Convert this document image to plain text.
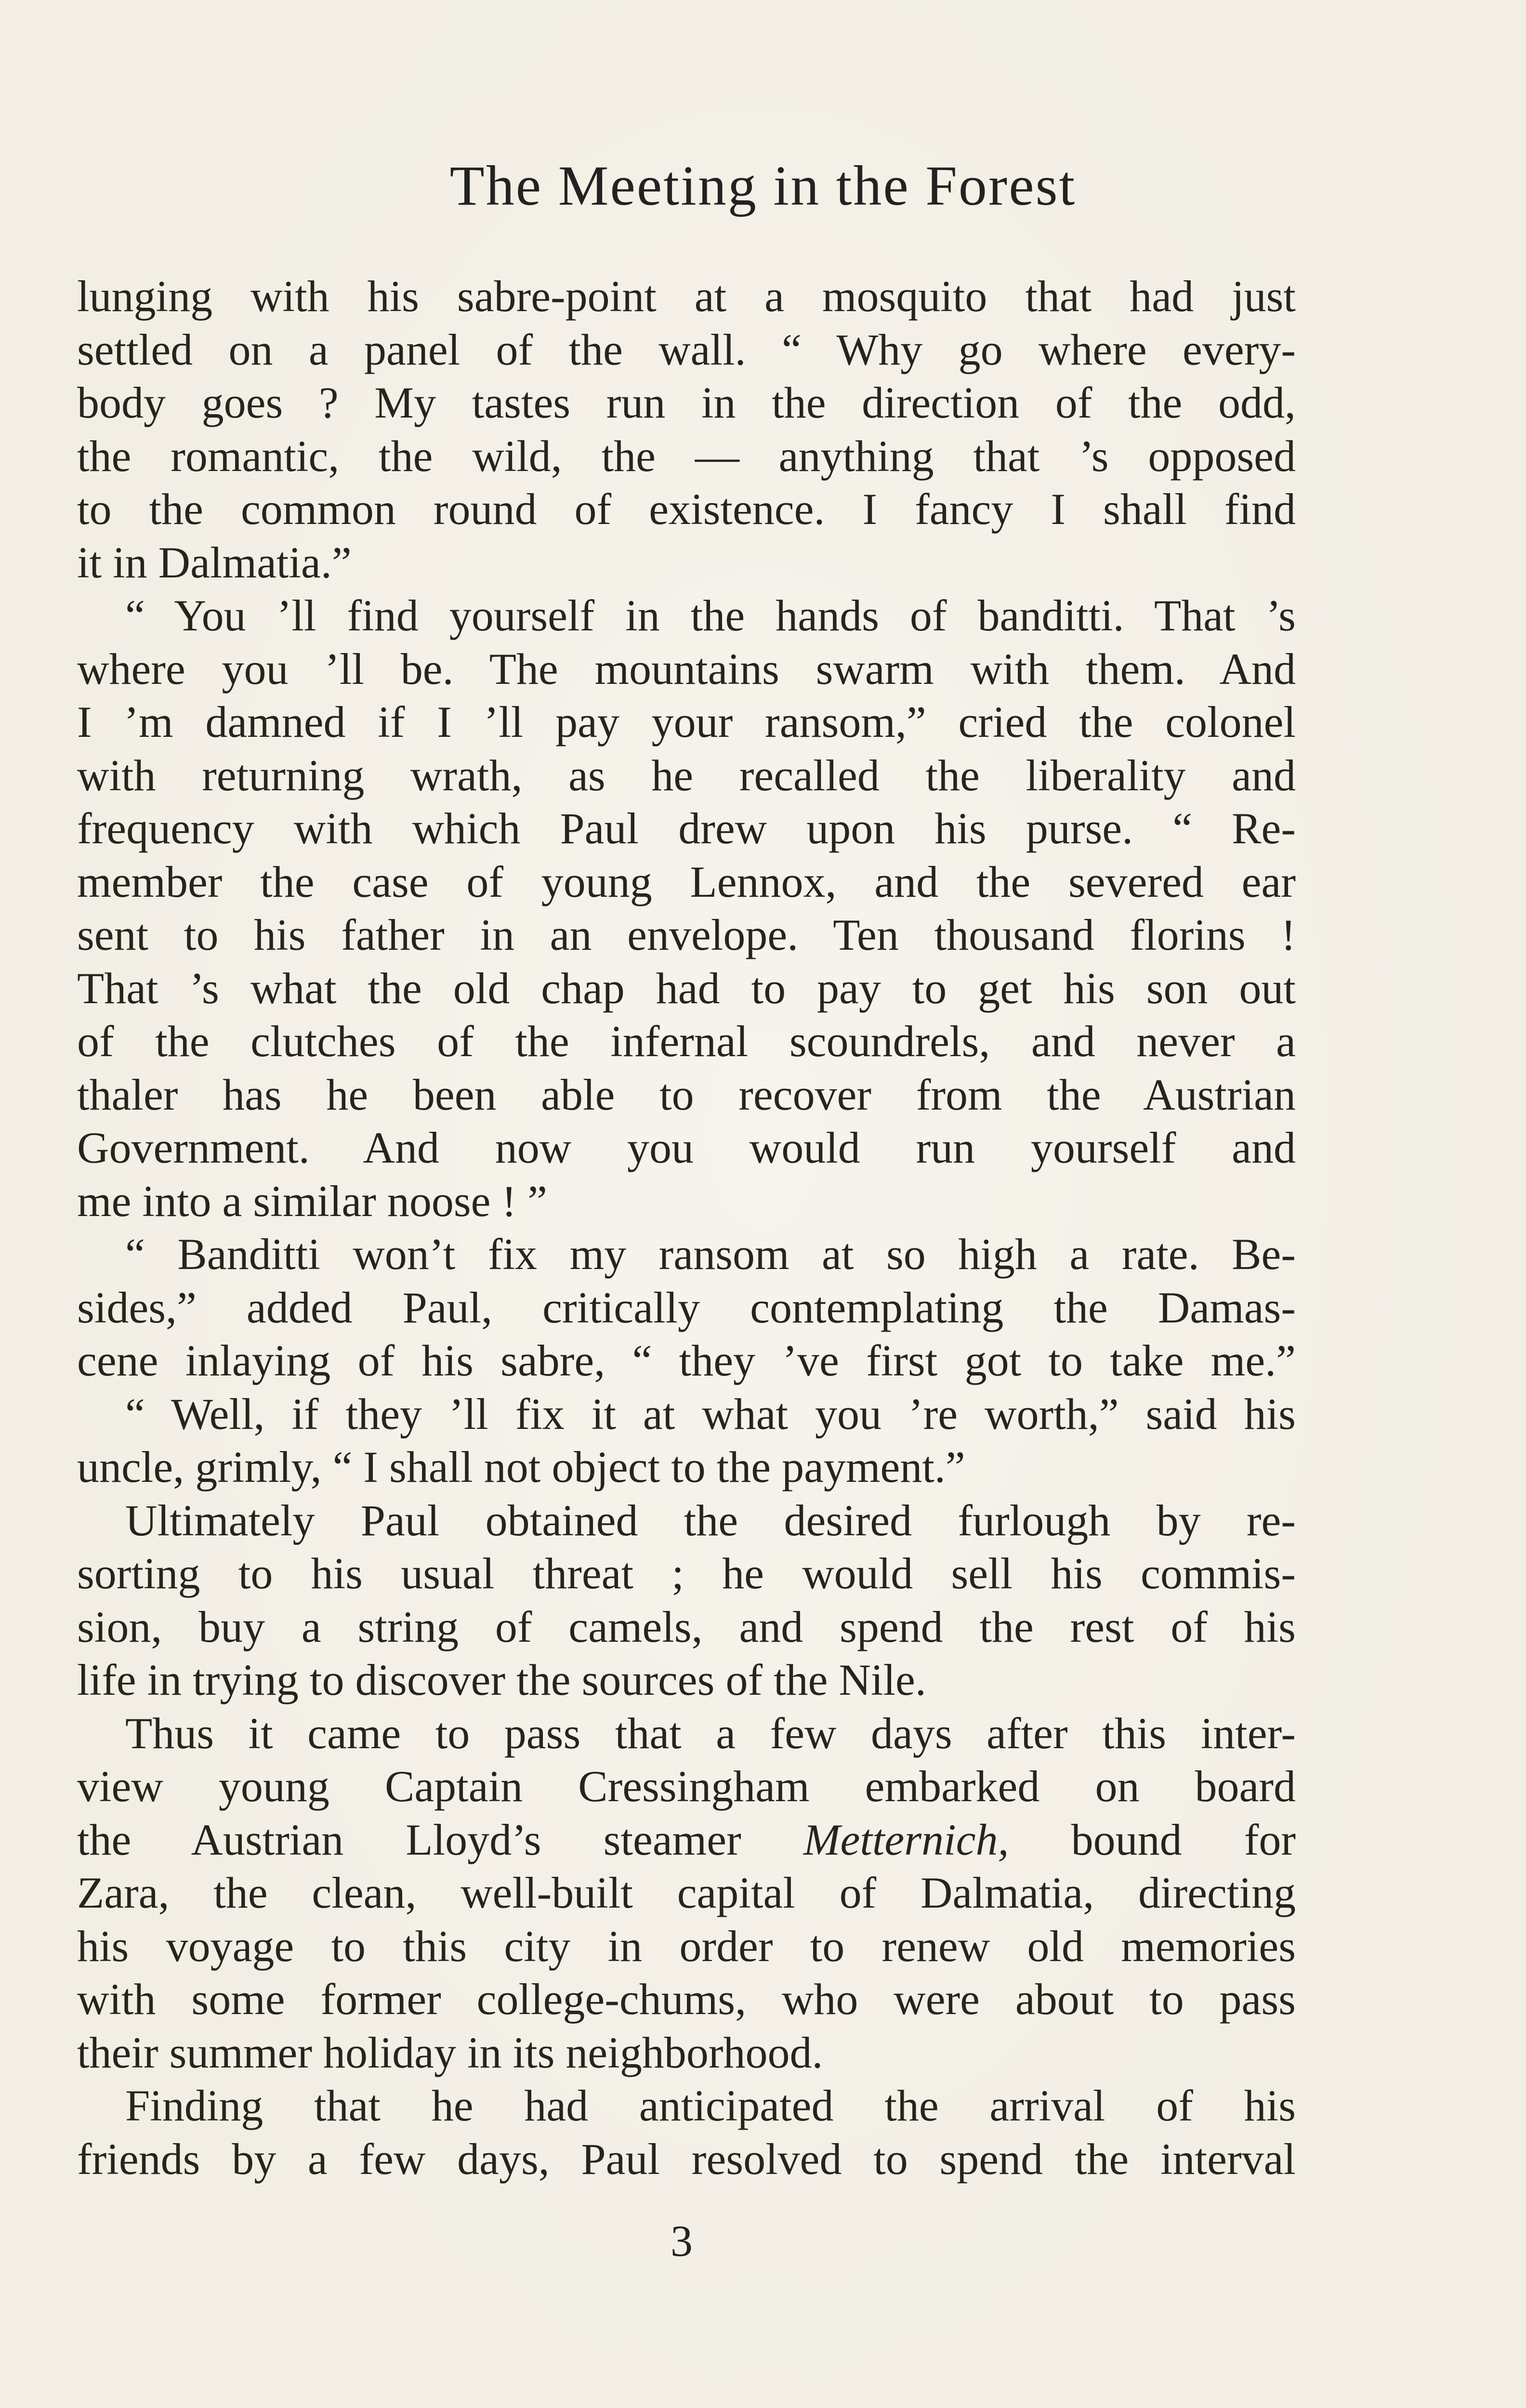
The Meeting in the Forest
lunging with his sabre-point at a mosquito that had just
settled on a panel of the wall. “ Why go where every-
body goes ? My tastes run in the direction of the odd,
the romantic, the wild, the — anything that ’s opposed
to the common round of existence. I fancy I shall find
it in Dalmatia.”
“ You ’ll find yourself in the hands of banditti. That ’s
where you ’ll be. The mountains swarm with them. And
I ’m damned if I ’ll pay your ransom,” cried the colonel
with returning wrath, as he recalled the liberality and
frequency with which Paul drew upon his purse. “ Re-
member the case of young Lennox, and the severed ear
sent to his father in an envelope. Ten thousand florins !
That ’s what the old chap had to pay to get his son out
of the clutches of the infernal scoundrels, and never a
thaler has he been able to recover from the Austrian
Government. And now you would run yourself and
me into a similar noose ! ”
“ Banditti won’t fix my ransom at so high a rate. Be-
sides,” added Paul, critically contemplating the Damas-
cene inlaying of his sabre, “ they ’ve first got to take me.”
“ Well, if they ’ll fix it at what you ’re worth,” said his
uncle, grimly, “ I shall not object to the payment.”
Ultimately Paul obtained the desired furlough by re-
sorting to his usual threat ; he would sell his commis-
sion, buy a string of camels, and spend the rest of his
life in trying to discover the sources of the Nile.
Thus it came to pass that a few days after this inter-
view young Captain Cressingham embarked on board
the Austrian Lloyd’s steamer Metternich, bound for
Zara, the clean, well-built capital of Dalmatia, directing
his voyage to this city in order to renew old memories
with some former college-chums, who were about to pass
their summer holiday in its neighborhood.
Finding that he had anticipated the arrival of his
friends by a few days, Paul resolved to spend the interval
3
